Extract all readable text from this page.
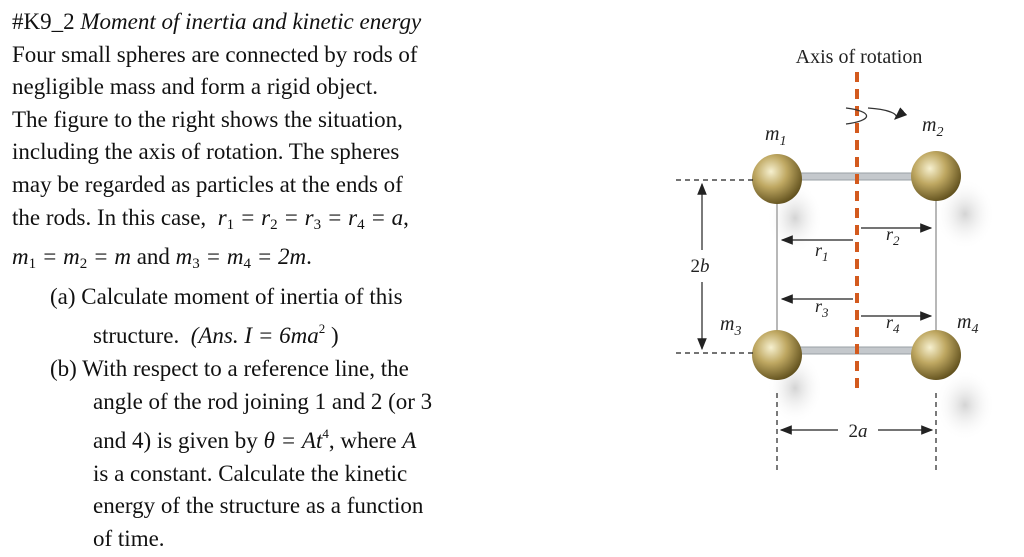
#K9_2 Moment of inertia and kinetic energy
Four small spheres are connected by rods of
negligible mass and form a rigid object.
The figure to the right shows the situation,
including the axis of rotation. The spheres
may be regarded as particles at the ends of
the rods. In this case, $r_1 = r_2 = r_3 = r_4 = a$,
$m_1 = m_2 = m$ and $m_3 = m_4 = 2m$.
(a) Calculate moment of inertia of this
structure. (Ans. $I = 6ma^2$ )
(b) With respect to a reference line, the
angle of the rod joining 1 and 2 (or 3
and 4) is given by $\theta = At^4$, where A
is a constant. Calculate the kinetic
energy of the structure as a function
of time.
Axis of rotation
$m_1$
$m_2$
$m_3$	$m_4$
$r_1$
$r_2$
$r_3$	$r_4$
2b
2a
